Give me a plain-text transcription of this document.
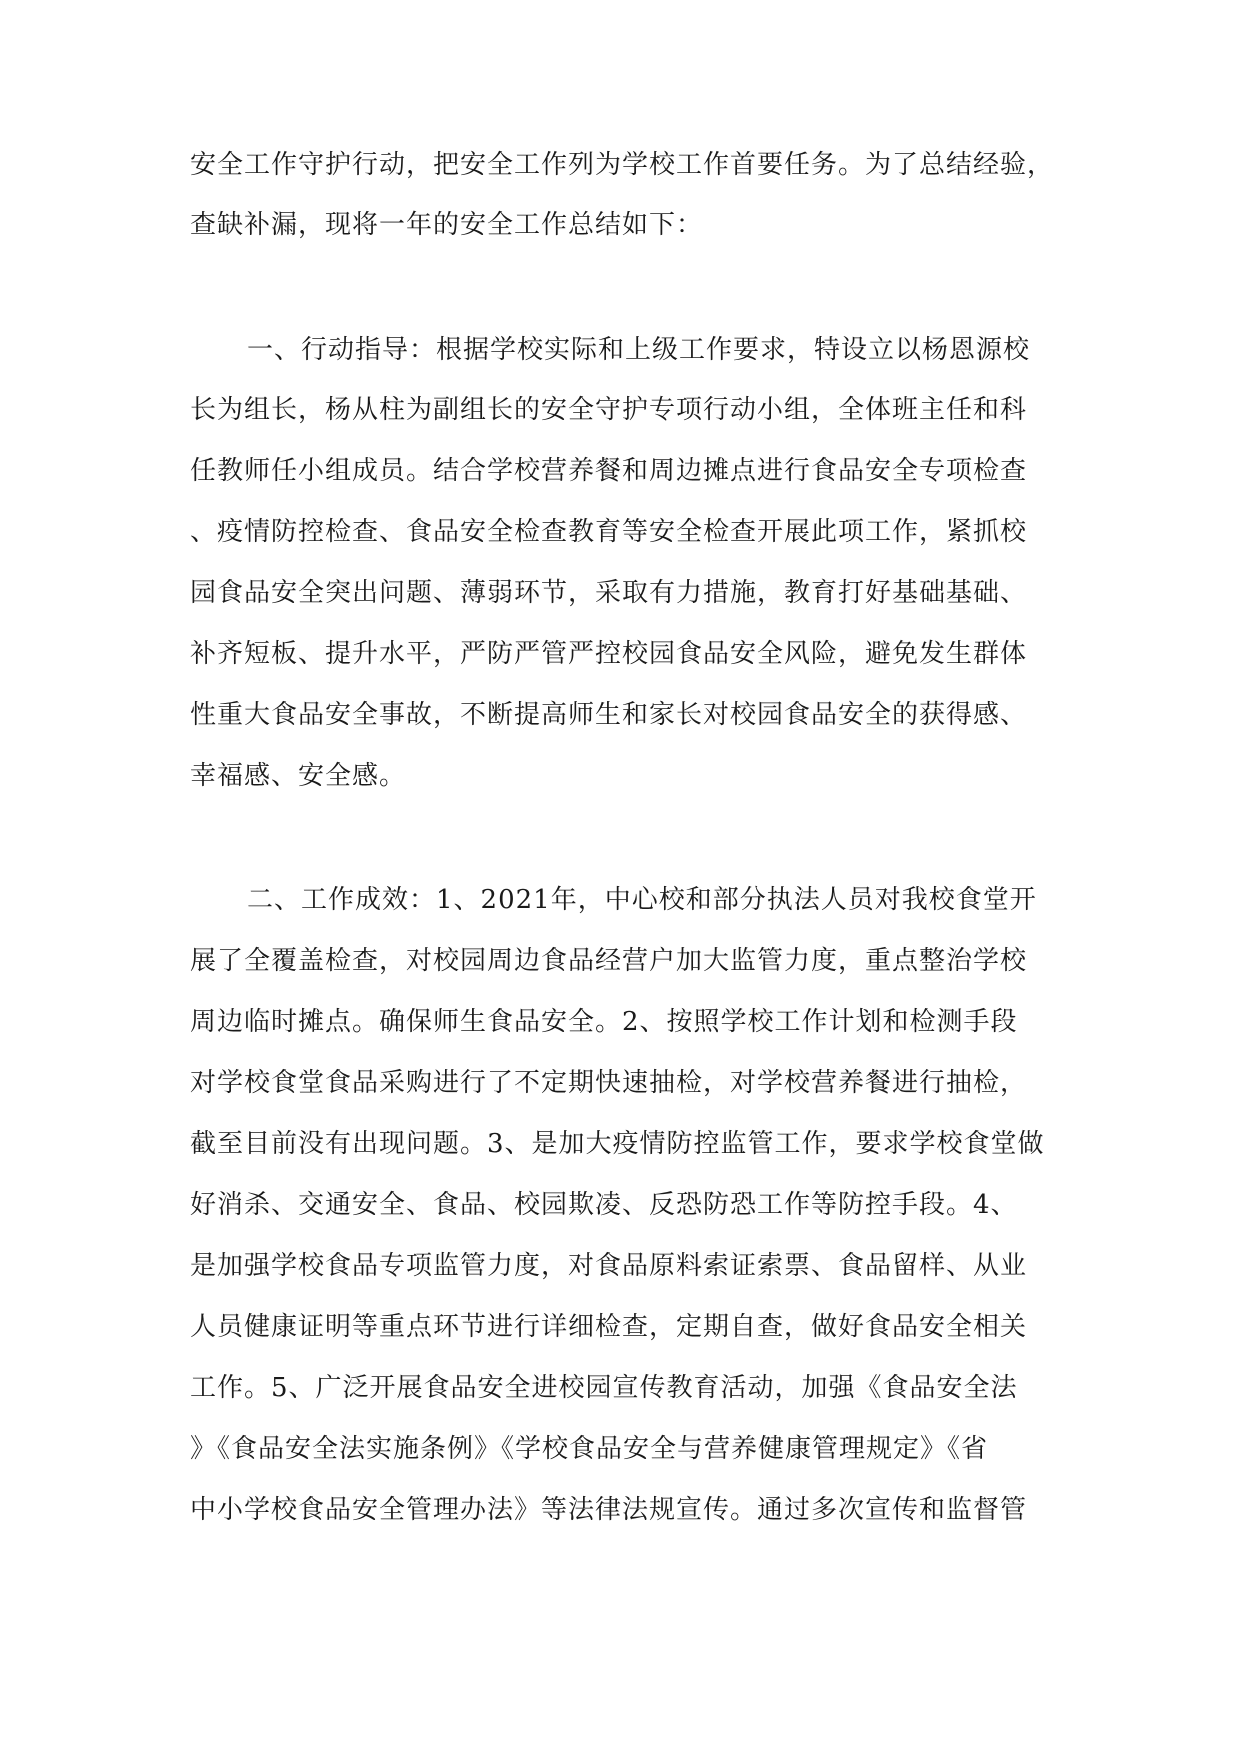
安全工作守护行动，把安全工作列为学校工作首要任务。为了总结经验，
查缺补漏，现将一年的安全工作总结如下：
一、行动指导：根据学校实际和上级工作要求，特设立以杨恩源校
长为组长，杨从柱为副组长的安全守护专项行动小组，全体班主任和科
任教师任小组成员。结合学校营养餐和周边摊点进行食品安全专项检查
、疫情防控检查、食品安全检查教育等安全检查开展此项工作，紧抓校
园食品安全突出问题、薄弱环节，采取有力措施，教育打好基础基础、
补齐短板、提升水平，严防严管严控校园食品安全风险，避免发生群体
性重大食品安全事故，不断提高师生和家长对校园食品安全的获得感、
幸福感、安全感。
二、工作成效：1、2021年，中心校和部分执法人员对我校食堂开
展了全覆盖检查，对校园周边食品经营户加大监管力度，重点整治学校
周边临时摊点。确保师生食品安全。2、按照学校工作计划和检测手段
对学校食堂食品采购进行了不定期快速抽检，对学校营养餐进行抽检，
截至目前没有出现问题。3、是加大疫情防控监管工作，要求学校食堂做
好消杀、交通安全、食品、校园欺凌、反恐防恐工作等防控手段。4、
是加强学校食品专项监管力度，对食品原料索证索票、食品留样、从业
人员健康证明等重点环节进行详细检查，定期自查，做好食品安全相关
工作。5、广泛开展食品安全进校园宣传教育活动，加强《食品安全法
》《食品安全法实施条例》《学校食品安全与营养健康管理规定》《省
中小学校食品安全管理办法》等法律法规宣传。通过多次宣传和监督管
